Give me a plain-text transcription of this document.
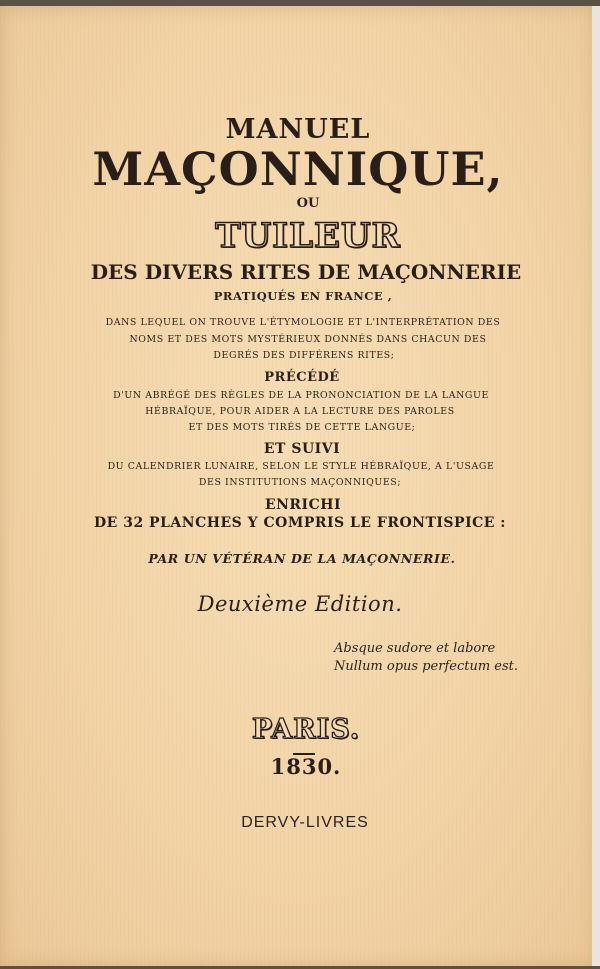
MANUEL
MAÇONNIQUE,
OU
TUILEUR
DES DIVERS RITES DE MAÇONNERIE
PRATIQUÉS EN FRANCE ,
DANS LEQUEL ON TROUVE L'ÉTYMOLOGIE ET L'INTERPRÉTATION DES
NOMS ET DES MOTS MYSTÉRIEUX DONNÉS DANS CHACUN DES
DEGRÉS DES DIFFÉRENS RITES;
PRÉCÉDÉ
D'UN ABRÉGÉ DES RÈGLES DE LA PRONONCIATION DE LA LANGUE
HÉBRAÏQUE, POUR AIDER A LA LECTURE DES PAROLES
ET DES MOTS TIRÉS DE CETTE LANGUE;
ET SUIVI
DU CALENDRIER LUNAIRE, SELON LE STYLE HÉBRAÏQUE, A L'USAGE
DES INSTITUTIONS MAÇONNIQUES;
ENRICHI
DE 32 PLANCHES Y COMPRIS LE FRONTISPICE :
PAR UN VÉTÉRAN DE LA MAÇONNERIE.
Deuxième Edition.
Absque sudore et labore
Nullum opus perfectum est.
PARIS.
1830.
DERVY-LIVRES
